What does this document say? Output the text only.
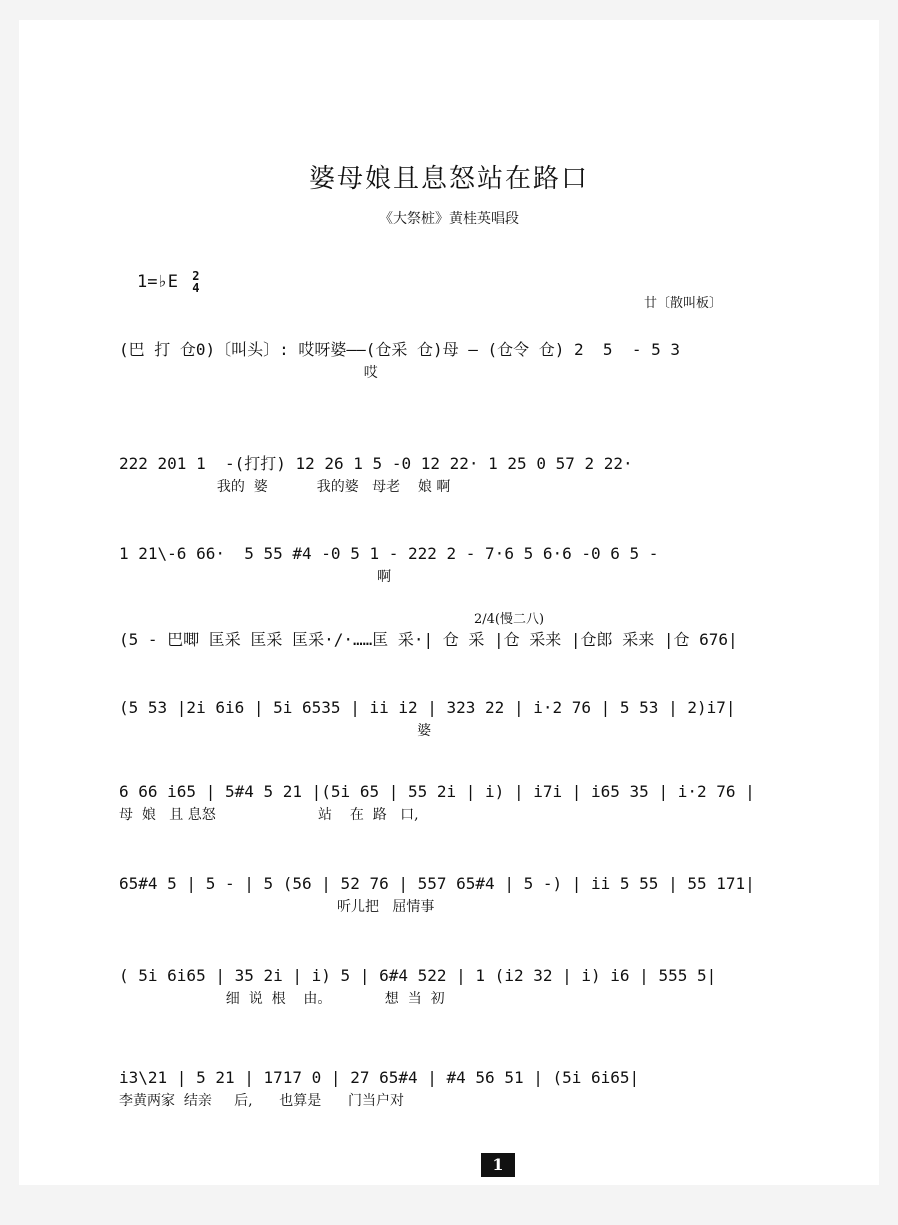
婆母娘且息怒站在路口
《大祭桩》黄桂英唱段
1=♭E 2
4
廿〔散叫板〕
(巴 打 仓0)〔叫头〕: 哎呀婆——(仓采 仓)母 — (仓令 仓) 2  5  - 5 3
哎
222 201 1  -(打打) 12 26 1 5 -0 12 22· 1 25 0 57 2 22·
我的  婆           我的婆   母老    娘 啊
1 21\-6 66·  5 55 #4 -0 5 1 - 222 2 - 7·6 5 6·6 -0 6 5 -
啊
2/4(慢二八)
(5 - 巴唧 匡采 匡采 匡采·/·……匡 采·| 仓 采 |仓 采来 |仓郎 采来 |仓 676|
(5 53 |2i 6i6 | 5i 6535 | ii i2 | 323 22 | i·2 76 | 5 53 | 2)i7|
婆
6 66 i65 | 5#4 5 21 |(5i 65 | 55 2i | i) | i7i | i65 35 | i·2 76 |
母  娘   且 息怒                       站    在  路   口,
65#4 5 | 5 - | 5 (56 | 52 76 | 557 65#4 | 5 -) | ii 5 55 | 55 171|
听儿把   屈情事
( 5i 6i65 | 35 2i | i) 5 | 6#4 522 | 1 (i2 32 | i) i6 | 555 5|
细  说  根    由。            想  当  初
i3\21 | 5 21 | 1717 0 | 27 65#4 | #4 56 51 | (5i 6i65|
李黄两家  结亲     后,      也算是      门当户对
1
